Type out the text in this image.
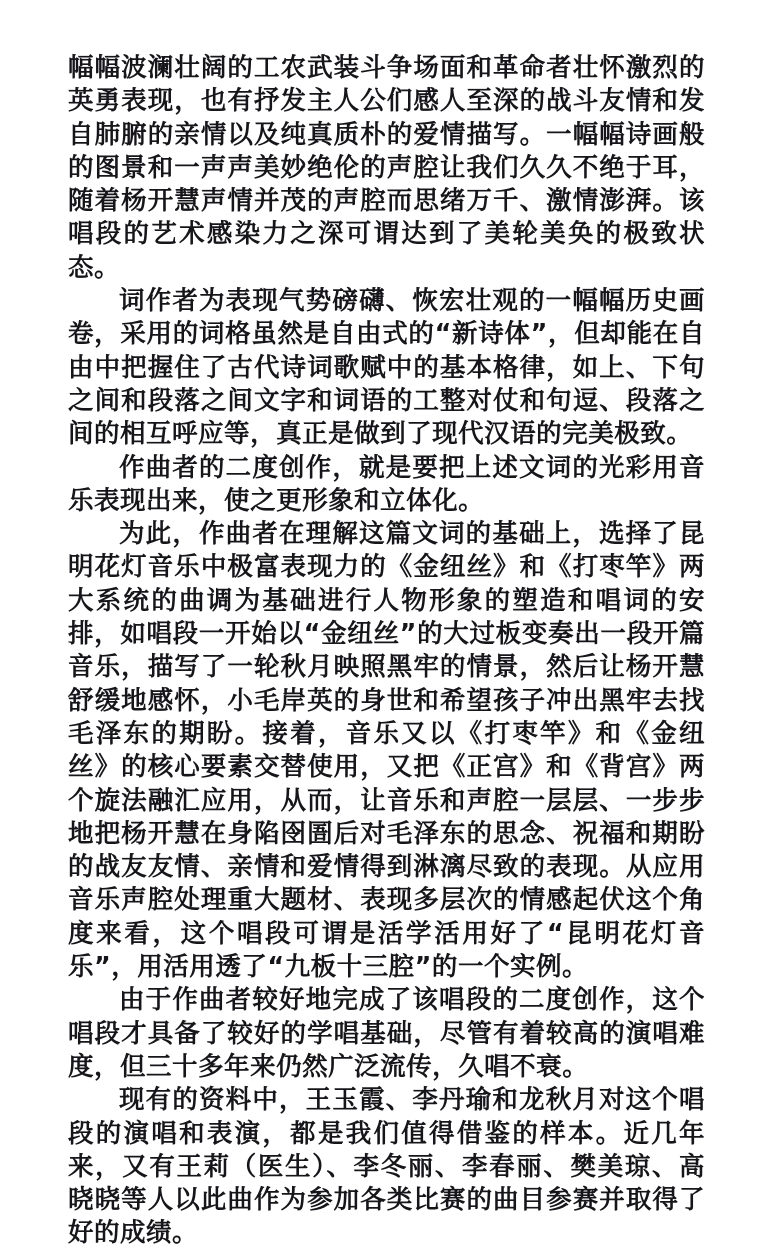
幅幅波澜壮阔的工农武装斗争场面和革命者壮怀激烈的英勇表现，也有抒发主人公们感人至深的战斗友情和发自肺腑的亲情以及纯真质朴的爱情描写。一幅幅诗画般的图景和一声声美妙绝伦的声腔让我们久久不绝于耳，随着杨开慧声情并茂的声腔而思绪万千、激情澎湃。该唱段的艺术感染力之深可谓达到了美轮美奂的极致状态。

词作者为表现气势磅礴、恢宏壮观的一幅幅历史画卷，采用的词格虽然是自由式的“新诗体”，但却能在自由中把握住了古代诗词歌赋中的基本格律，如上、下句之间和段落之间文字和词语的工整对仗和句逗、段落之间的相互呼应等，真正是做到了现代汉语的完美极致。

作曲者的二度创作，就是要把上述文词的光彩用音乐表现出来，使之更形象和立体化。

为此，作曲者在理解这篇文词的基础上，选择了昆明花灯音乐中极富表现力的《金纽丝》和《打枣竿》两大系统的曲调为基础进行人物形象的塑造和唱词的安排，如唱段一开始以“金纽丝”的大过板变奏出一段开篇音乐，描写了一轮秋月映照黑牢的情景，然后让杨开慧舒缓地感怀，小毛岸英的身世和希望孩子冲出黑牢去找毛泽东的期盼。接着，音乐又以《打枣竿》和《金纽丝》的核心要素交替使用，又把《正宫》和《背宫》两个旋法融汇应用，从而，让音乐和声腔一层层、一步步地把杨开慧在身陷囹圄后对毛泽东的思念、祝福和期盼的战友友情、亲情和爱情得到淋漓尽致的表现。从应用音乐声腔处理重大题材、表现多层次的情感起伏这个角度来看，这个唱段可谓是活学活用好了“昆明花灯音乐”，用活用透了“九板十三腔”的一个实例。

由于作曲者较好地完成了该唱段的二度创作，这个唱段才具备了较好的学唱基础，尽管有着较高的演唱难度，但三十多年来仍然广泛流传，久唱不衰。

现有的资料中，王玉霞、李丹瑜和龙秋月对这个唱段的演唱和表演，都是我们值得借鉴的样本。近几年来，又有王莉（医生）、李冬丽、李春丽、樊美琼、高晓晓等人以此曲作为参加各类比赛的曲目参赛并取得了好的成绩。
